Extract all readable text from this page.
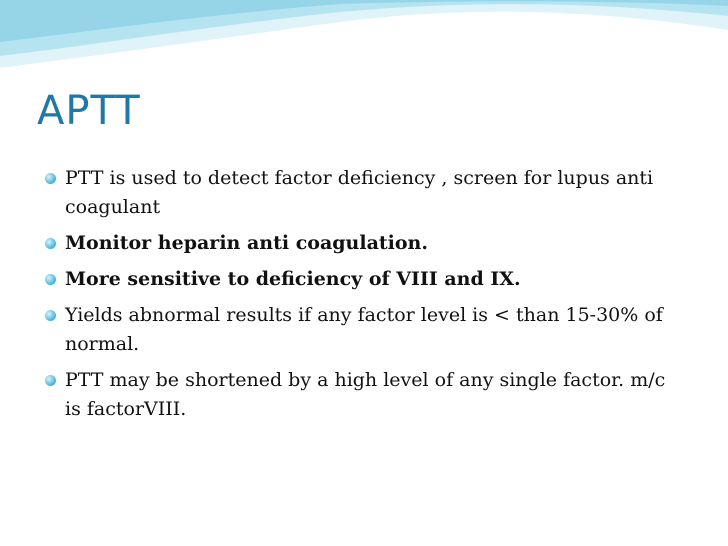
APTT
PTT is used to detect factor deficiency , screen for lupus anti coagulant
Monitor heparin anti coagulation.
More sensitive to deficiency of VIII and IX.
Yields abnormal results if any factor level is < than 15-30% of normal.
PTT may be shortened by a high level of any single factor. m/c is factorVIII.
